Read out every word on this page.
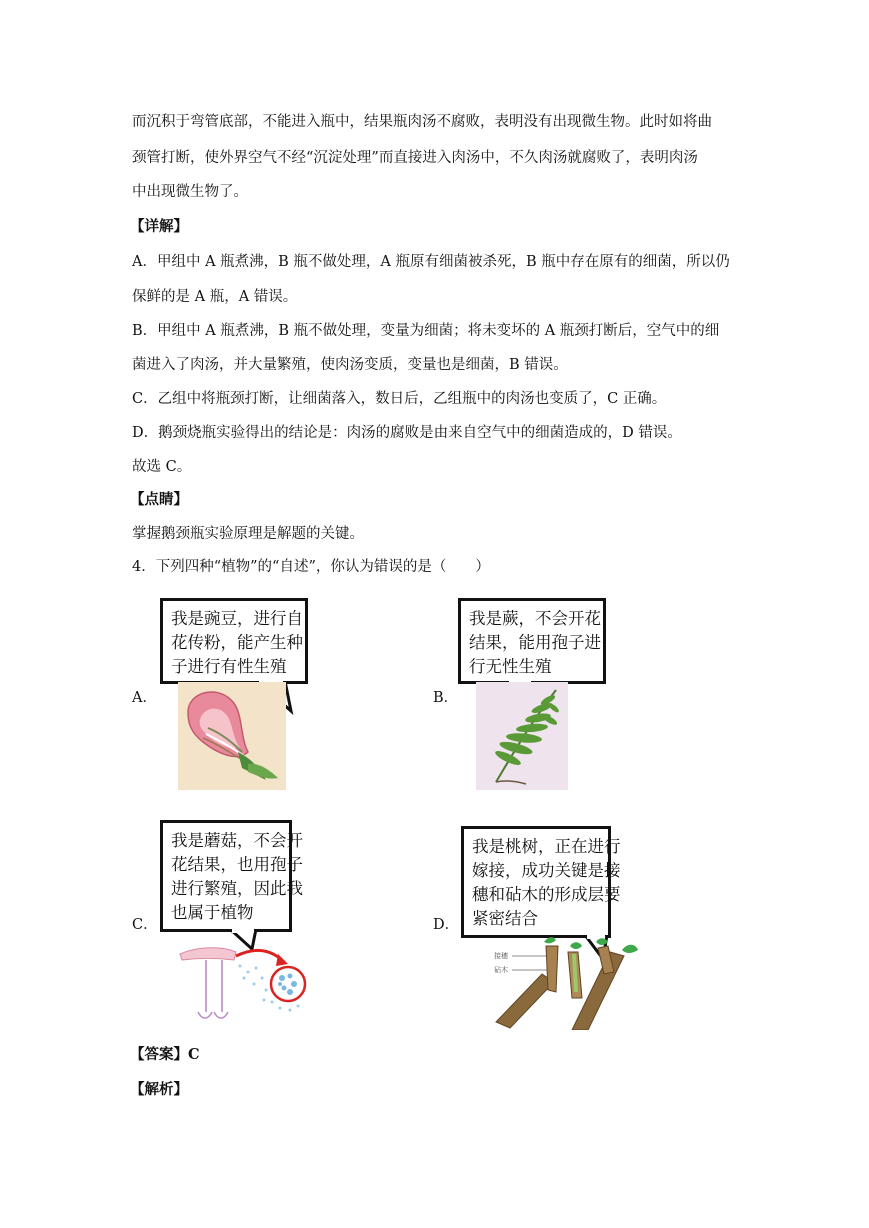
而沉积于弯管底部，不能进入瓶中，结果瓶肉汤不腐败，表明没有出现微生物。此时如将曲
颈管打断，使外界空气不经“沉淀处理”而直接进入肉汤中，不久肉汤就腐败了，表明肉汤
中出现微生物了。
【详解】
A．甲组中 A 瓶煮沸，B 瓶不做处理，A 瓶原有细菌被杀死，B 瓶中存在原有的细菌，所以仍
保鲜的是 A 瓶，A 错误。
B．甲组中 A 瓶煮沸，B 瓶不做处理，变量为细菌；将未变坏的 A 瓶颈打断后，空气中的细
菌进入了肉汤，并大量繁殖，使肉汤变质，变量也是细菌，B 错误。
C．乙组中将瓶颈打断，让细菌落入，数日后，乙组瓶中的肉汤也变质了，C 正确。
D．鹅颈烧瓶实验得出的结论是：肉汤的腐败是由来自空气中的细菌造成的，D 错误。
故选 C。
【点睛】
掌握鹅颈瓶实验原理是解题的关键。
4．下列四种“植物”的“自述”，你认为错误的是（　　）
A．
我是豌豆，进行自
花传粉，能产生种
子进行有性生殖
B．
我是蕨，不会开花
结果，能用孢子进
行无性生殖
C．
我是蘑菇，不会开
花结果，也用孢子
进行繁殖，因此我
也属于植物
D．
我是桃树，正在进行
嫁接，成功关键是接
穗和砧木的形成层要
紧密结合
接穗
砧木
【答案】C
【解析】
